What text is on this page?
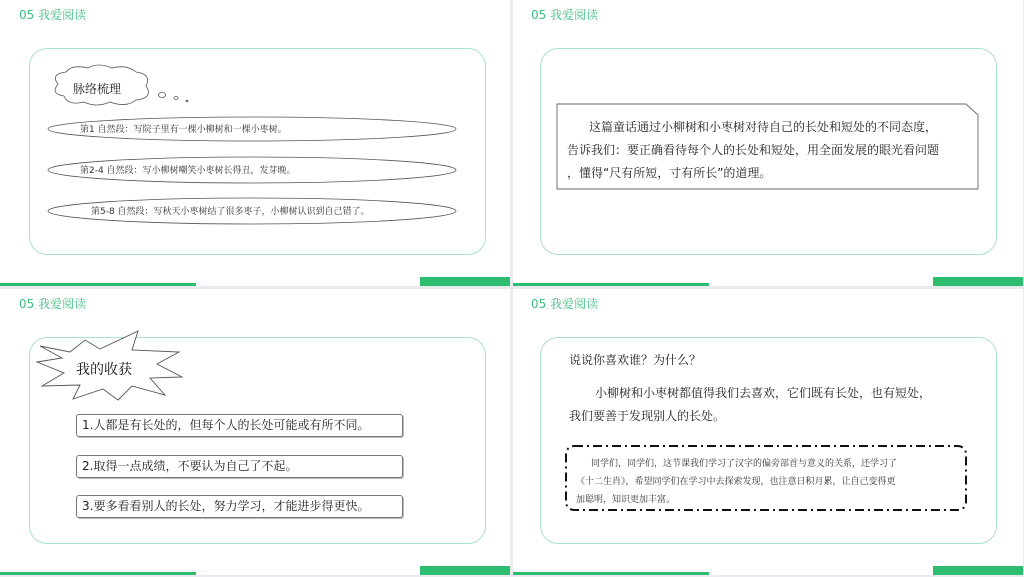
05 我爱阅读
脉络梳理
第1 自然段：写院子里有一棵小柳树和一棵小枣树。
第2-4 自然段：写小柳树嘲笑小枣树长得丑，发芽晚。
第5-8 自然段：写秋天小枣树结了很多枣子，小柳树认识到自己错了。
05 我爱阅读
这篇童话通过小柳树和小枣树对待自己的长处和短处的不同态度，
告诉我们：要正确看待每个人的长处和短处，用全面发展的眼光看问题
，懂得“尺有所短，寸有所长”的道理。
05 我爱阅读
我的收获
1.人都是有长处的，但每个人的长处可能或有所不同。
2.取得一点成绩，不要认为自己了不起。
3.要多看看别人的长处，努力学习，才能进步得更快。
05 我爱阅读
说说你喜欢谁？为什么？
小柳树和小枣树都值得我们去喜欢，它们既有长处，也有短处，
我们要善于发现别人的长处。
同学们，同学们，这节课我们学习了汉字的偏旁部首与意义的关系，还学习了
《十二生肖》，希望同学们在学习中去探索发现，也注意日积月累，让自己变得更
加聪明，知识更加丰富。
